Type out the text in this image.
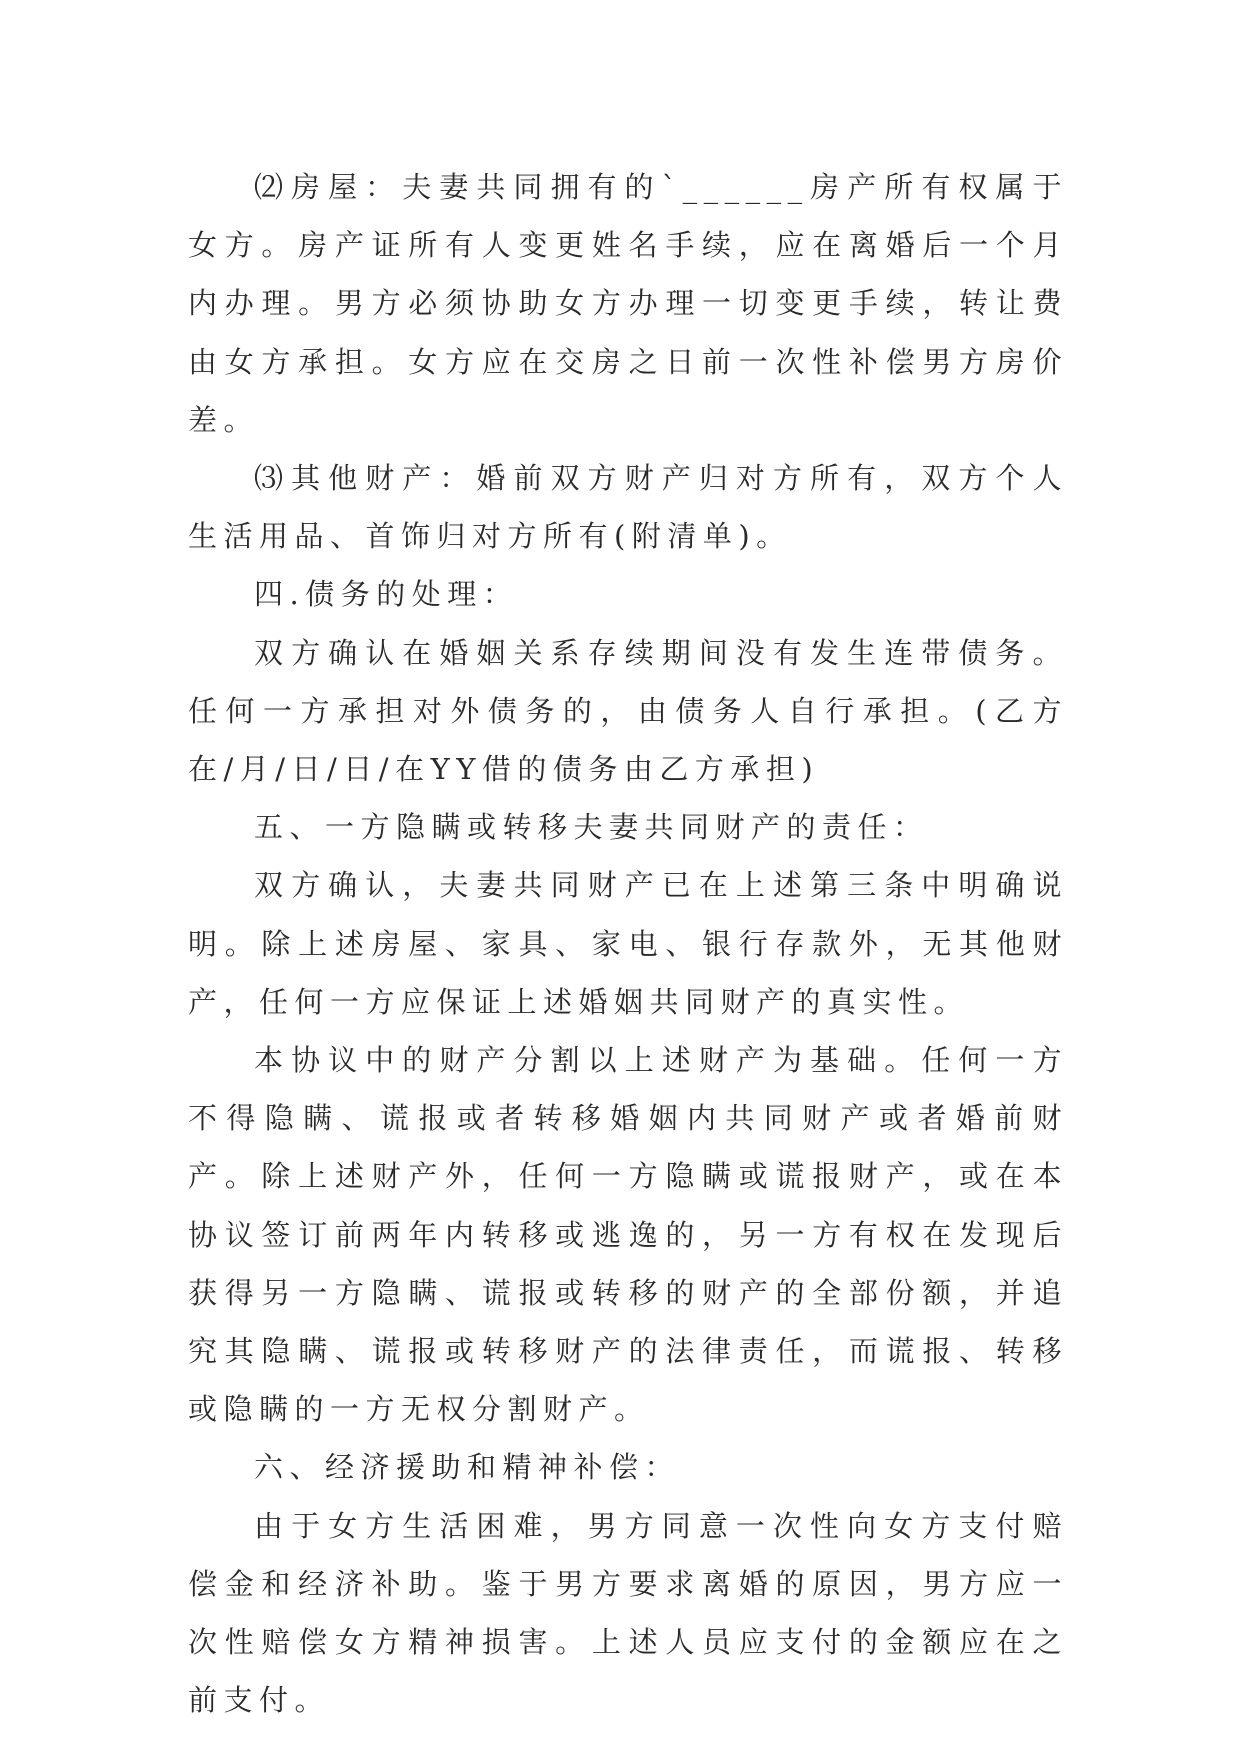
⑵房屋：夫妻共同拥有的`______房产所有权属于女方。房产证所有人变更姓名手续，应在离婚后一个月内办理。男方必须协助女方办理一切变更手续，转让费由女方承担。女方应在交房之日前一次性补偿男方房价差。

⑶其他财产：婚前双方财产归对方所有，双方个人生活用品、首饰归对方所有(附清单)。

四.债务的处理：

双方确认在婚姻关系存续期间没有发生连带债务。任何一方承担对外债务的，由债务人自行承担。(乙方在/月/日/日/在YY借的债务由乙方承担)

五、一方隐瞒或转移夫妻共同财产的责任：

双方确认，夫妻共同财产已在上述第三条中明确说明。除上述房屋、家具、家电、银行存款外，无其他财产，任何一方应保证上述婚姻共同财产的真实性。

本协议中的财产分割以上述财产为基础。任何一方不得隐瞒、谎报或者转移婚姻内共同财产或者婚前财产。除上述财产外，任何一方隐瞒或谎报财产，或在本协议签订前两年内转移或逃逸的，另一方有权在发现后获得另一方隐瞒、谎报或转移的财产的全部份额，并追究其隐瞒、谎报或转移财产的法律责任，而谎报、转移或隐瞒的一方无权分割财产。

六、经济援助和精神补偿：

由于女方生活困难，男方同意一次性向女方支付赔偿金和经济补助。鉴于男方要求离婚的原因，男方应一次性赔偿女方精神损害。上述人员应支付的金额应在之前支付。
